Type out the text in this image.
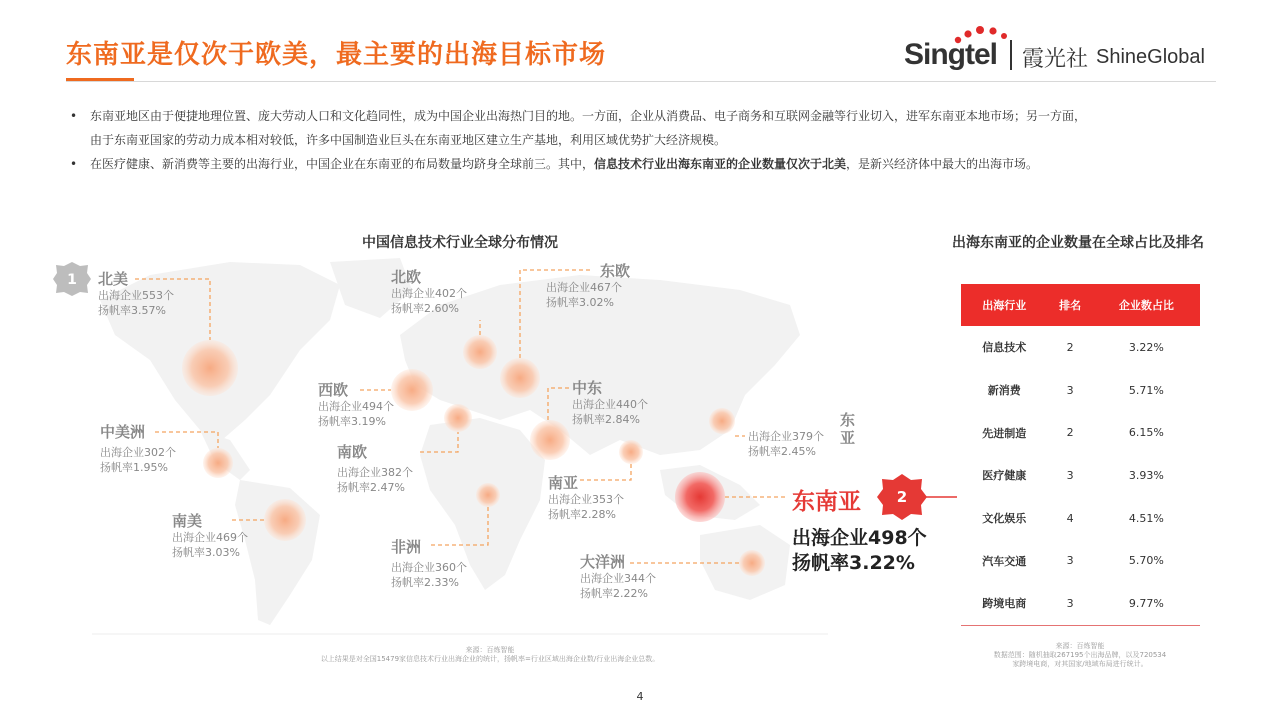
东南亚是仅次于欧美，最主要的出海目标市场	Singtel 霞光社 ShineGlobal
• 东南亚地区由于便捷地理位置、庞大劳动人口和文化趋同性，成为中国企业出海热门目的地。一方面，企业从消费品、电子商务和互联网金融等行业切入，进军东南亚本地市场；另一方面，
由于东南亚国家的劳动力成本相对较低，许多中国制造业巨头在东南亚地区建立生产基地，利用区域优势扩大经济规模。
• 在医疗健康、新消费等主要的出海行业，中国企业在东南亚的布局数量均跻身全球前三。其中，信息技术行业出海东南亚的企业数量仅次于北美，是新兴经济体中最大的出海市场。
中国信息技术行业全球分布情况
1
2
北美
出海企业553个
扬帆率3.57%
中美洲
出海企业302个
扬帆率1.95%
南美
出海企业469个
扬帆率3.03%
北欧
出海企业402个
扬帆率2.60%
东欧
出海企业467个
扬帆率3.02%
西欧
出海企业494个
扬帆率3.19%
南欧
出海企业382个
扬帆率2.47%
中东
出海企业440个
扬帆率2.84%
南亚
出海企业353个
扬帆率2.28%
东亚
出海企业379个
扬帆率2.45%
非洲
出海企业360个
扬帆率2.33%
大洋洲
出海企业344个
扬帆率2.22%
东南亚
出海企业498个
扬帆率3.22%
来源：百炼智能
以上结果是对全国15479家信息技术行业出海企业的统计，扬帆率=行业区域出海企业数/行业出海企业总数。
出海东南亚的企业数量在全球占比及排名
出海行业	排名	企业数占比
信息技术	2	3.22%
新消费	3	5.71%
先进制造	2	6.15%
医疗健康	3	3.93%
文化娱乐	4	4.51%
汽车交通	3	5.70%
跨境电商	3	9.77%
来源：百炼智能
数据范围：随机抽取267195个出海品牌，以及720534
家跨境电商，对其国家/地域布局进行统计。
4
